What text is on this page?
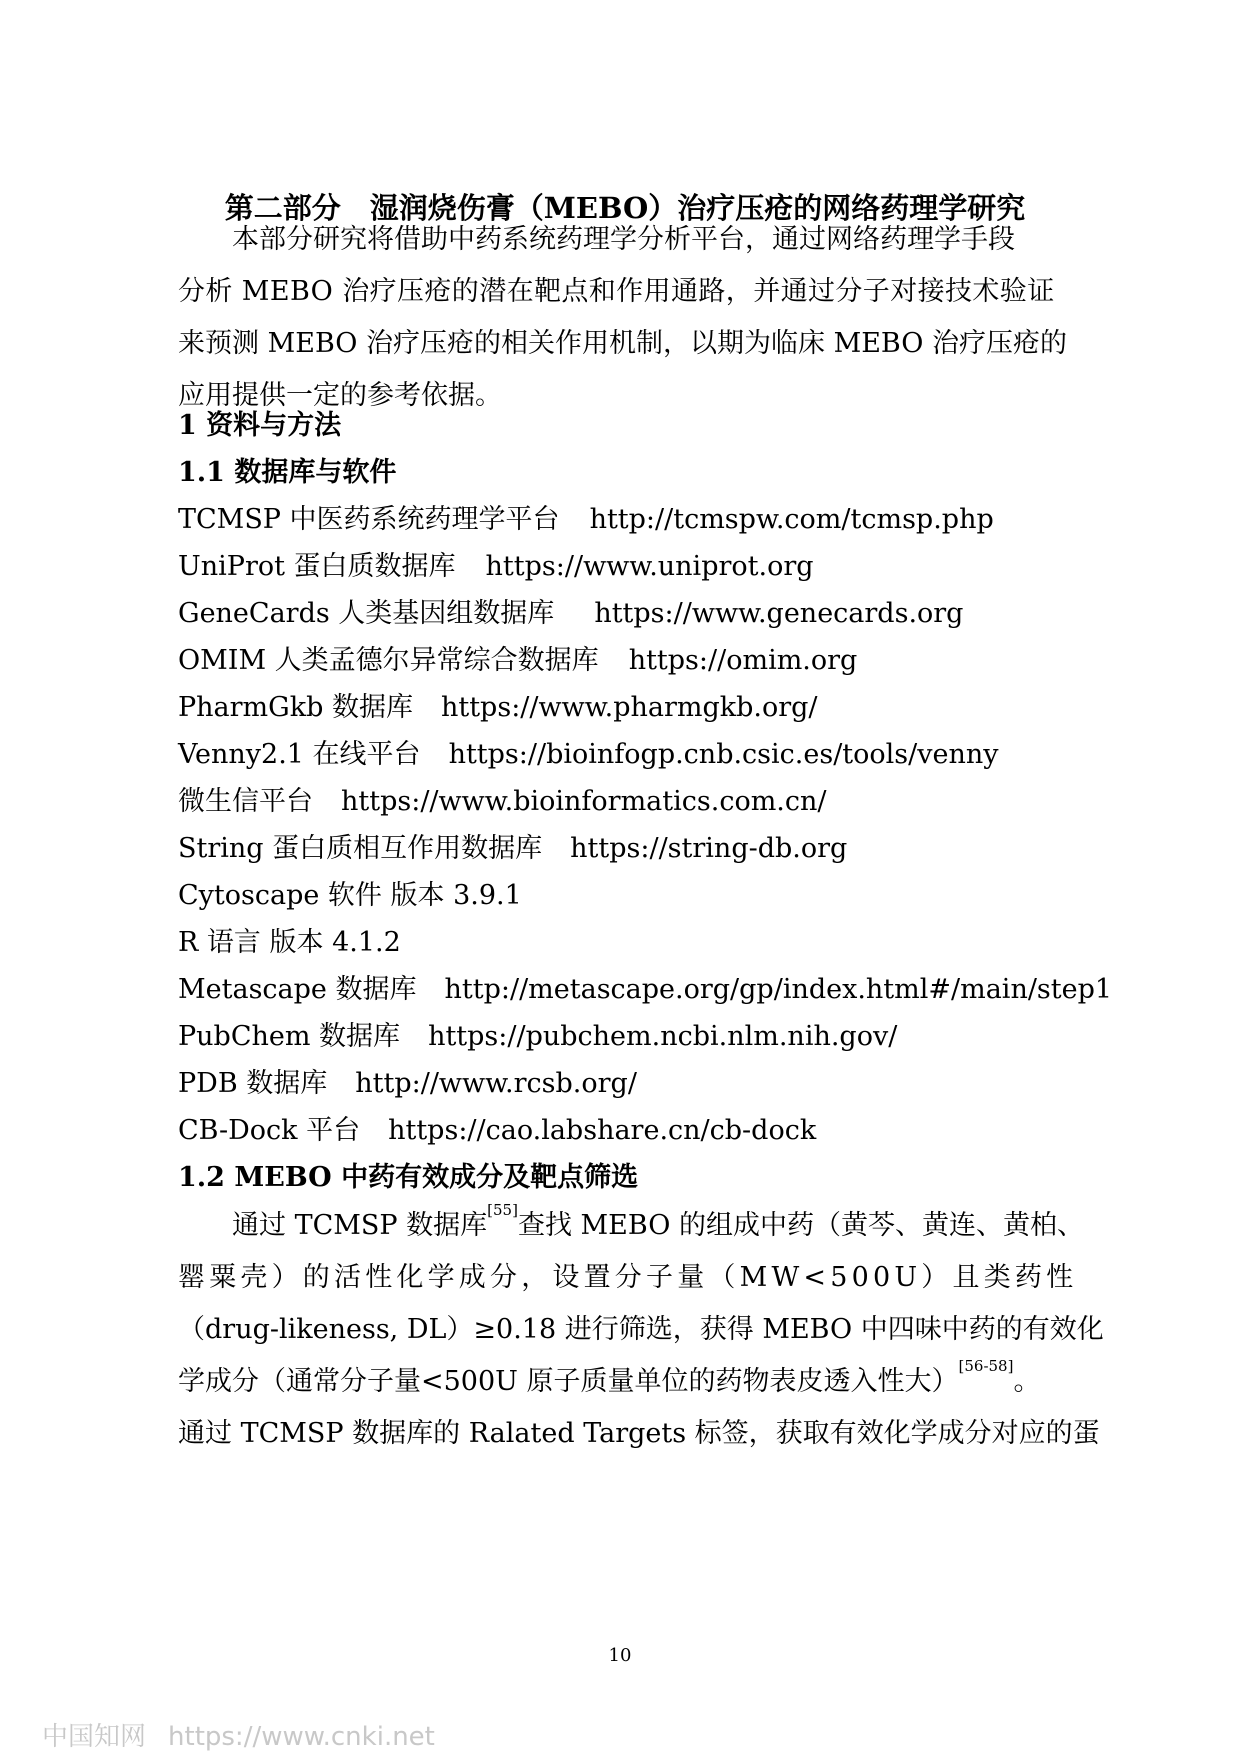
第二部分　湿润烧伤膏（MEBO）治疗压疮的网络药理学研究
本部分研究将借助中药系统药理学分析平台，通过网络药理学手段
分析 MEBO 治疗压疮的潜在靶点和作用通路，并通过分子对接技术验证
来预测 MEBO 治疗压疮的相关作用机制，以期为临床 MEBO 治疗压疮的
应用提供一定的参考依据。
1 资料与方法
1.1 数据库与软件
TCMSP 中医药系统药理学平台 http://tcmspw.com/tcmsp.php
UniProt 蛋白质数据库 https://www.uniprot.org
GeneCards 人类基因组数据库 https://www.genecards.org
OMIM 人类孟德尔异常综合数据库 https://omim.org
PharmGkb 数据库 https://www.pharmgkb.org/
Venny2.1 在线平台 https://bioinfogp.cnb.csic.es/tools/venny
微生信平台 https://www.bioinformatics.com.cn/
String 蛋白质相互作用数据库 https://string-db.org
Cytoscape 软件 版本 3.9.1
R 语言 版本 4.1.2
Metascape 数据库 http://metascape.org/gp/index.html#/main/step1
PubChem 数据库 https://pubchem.ncbi.nlm.nih.gov/
PDB 数据库 http://www.rcsb.org/
CB-Dock 平台 https://cao.labshare.cn/cb-dock
1.2 MEBO 中药有效成分及靶点筛选
通过 TCMSP 数据库[55]查找 MEBO 的组成中药（黄芩、黄连、黄柏、
罂粟壳）的活性化学成分，设置分子量（MW<500U）且类药性
（drug-likeness, DL）≥0.18 进行筛选，获得 MEBO 中四味中药的有效化
学成分（通常分子量<500U 原子质量单位的药物表皮透入性大）[56-58]。
通过 TCMSP 数据库的 Ralated Targets 标签，获取有效化学成分对应的蛋
10
中国知网 https://www.cnki.net
